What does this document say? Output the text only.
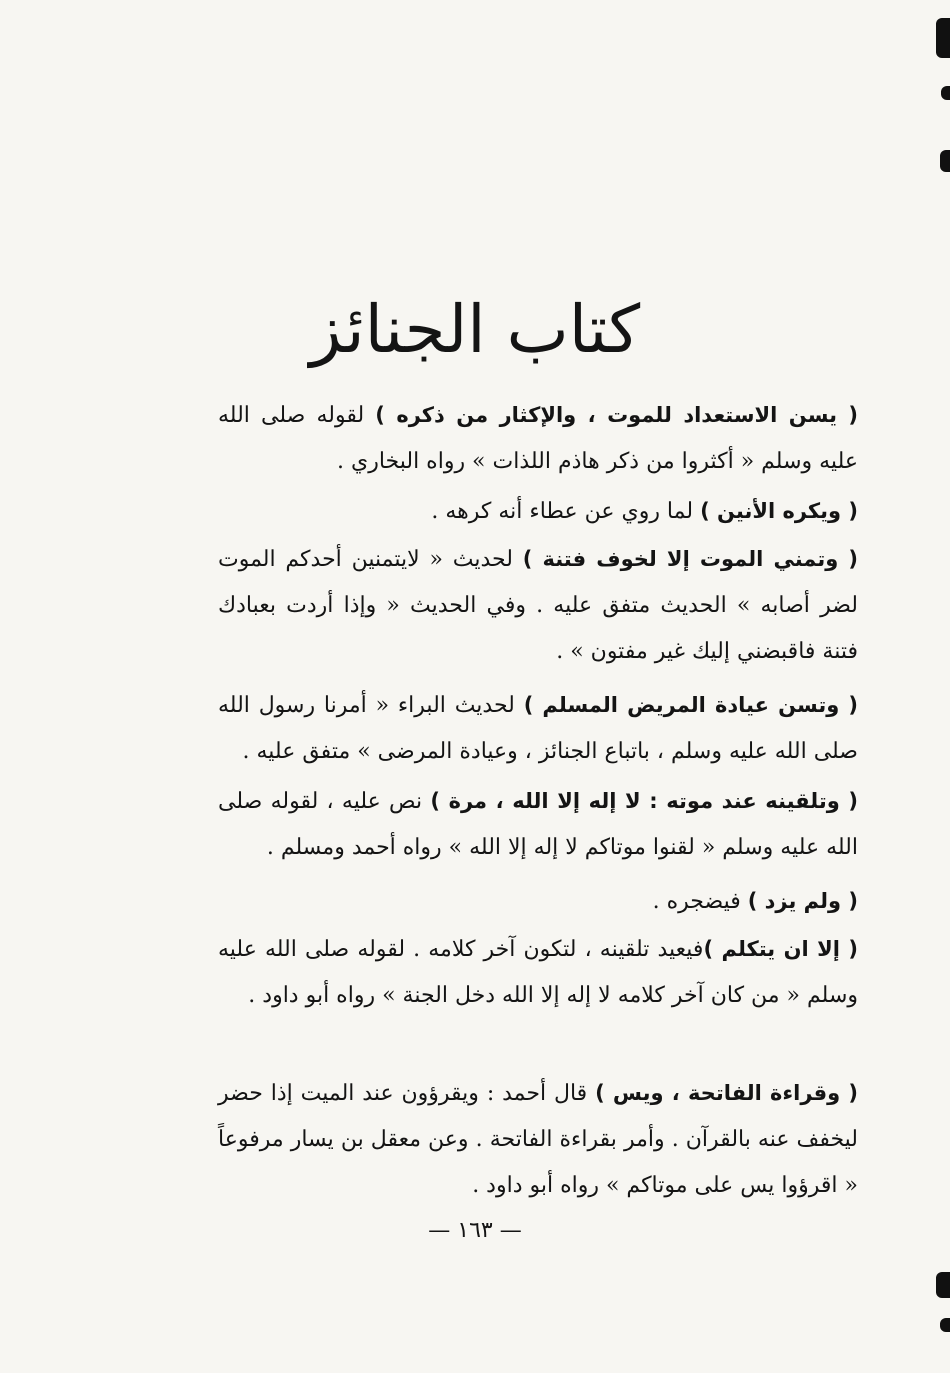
كتاب الجنائز

( يسن الاستعداد للموت ، والإكثار من ذكره ) لقوله صلى الله عليه وسلم « أكثروا من ذكر هاذم اللذات » رواه البخاري .

( ويكره الأنين ) لما روي عن عطاء أنه كرهه .

( وتمني الموت إلا لخوف فتنة ) لحديث « لايتمنين أحدكم الموت لضر أصابه » الحديث متفق عليه . وفي الحديث « وإذا أردت بعبادك فتنة فاقبضني إليك غير مفتون » .

( وتسن عيادة المريض المسلم ) لحديث البراء « أمرنا رسول الله صلى الله عليه وسلم ، باتباع الجنائز ، وعيادة المرضى » متفق عليه .

( وتلقينه عند موته : لا إله إلا الله ، مرة ) نص عليه ، لقوله صلى الله عليه وسلم « لقنوا موتاكم لا إله إلا الله » رواه أحمد ومسلم .

( ولم يزد ) فيضجره .

( إلا ان يتكلم )فيعيد تلقينه ، لتكون آخر كلامه . لقوله صلى الله عليه وسلم « من كان آخر كلامه لا إله إلا الله دخل الجنة » رواه أبو داود .

( وقراءة الفاتحة ، ويس ) قال أحمد : ويقرؤون عند الميت إذا حضر ليخفف عنه بالقرآن . وأمر بقراءة الفاتحة . وعن معقل بن يسار مرفوعاً « اقرؤوا يس على موتاكم » رواه أبو داود .

— ١٦٣ —
